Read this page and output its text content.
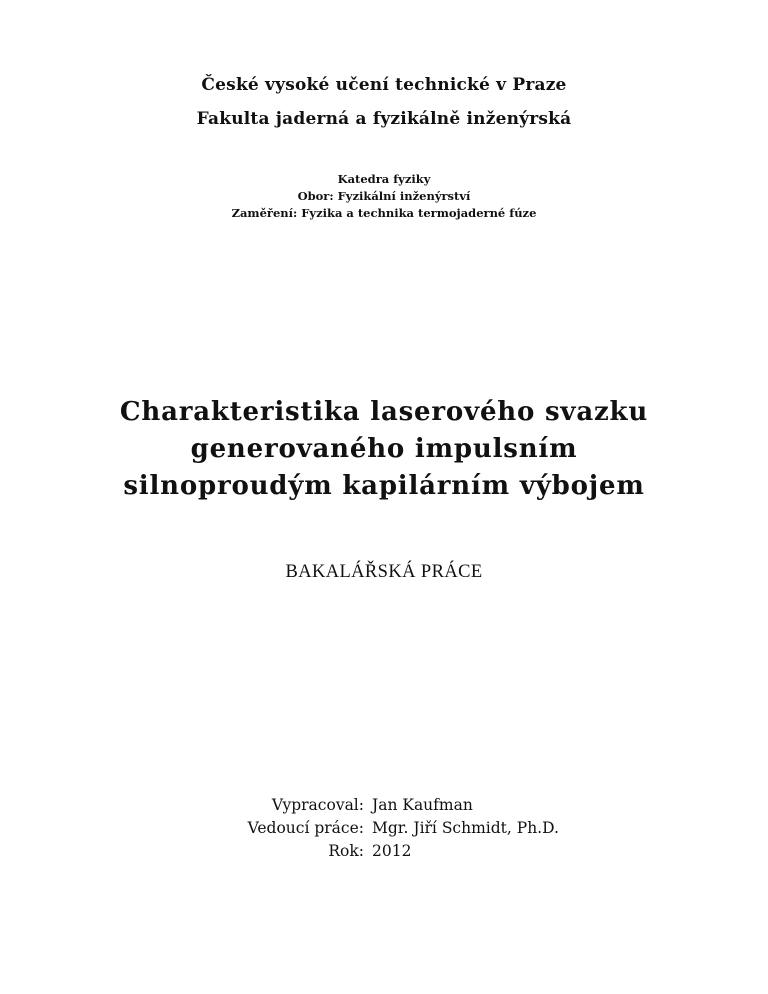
České vysoké učení technické v Praze
Fakulta jaderná a fyzikálně inženýrská
Katedra fyziky
Obor: Fyzikální inženýrství
Zaměření: Fyzika a technika termojaderné fúze
Charakteristika laserového svazku
generovaného impulsním
silnoproudým kapilárním výbojem
BAKALÁŘSKÁ PRÁCE
Vypracoval: Jan Kaufman
Vedoucí práce: Mgr. Jiří Schmidt, Ph.D.
Rok: 2012
